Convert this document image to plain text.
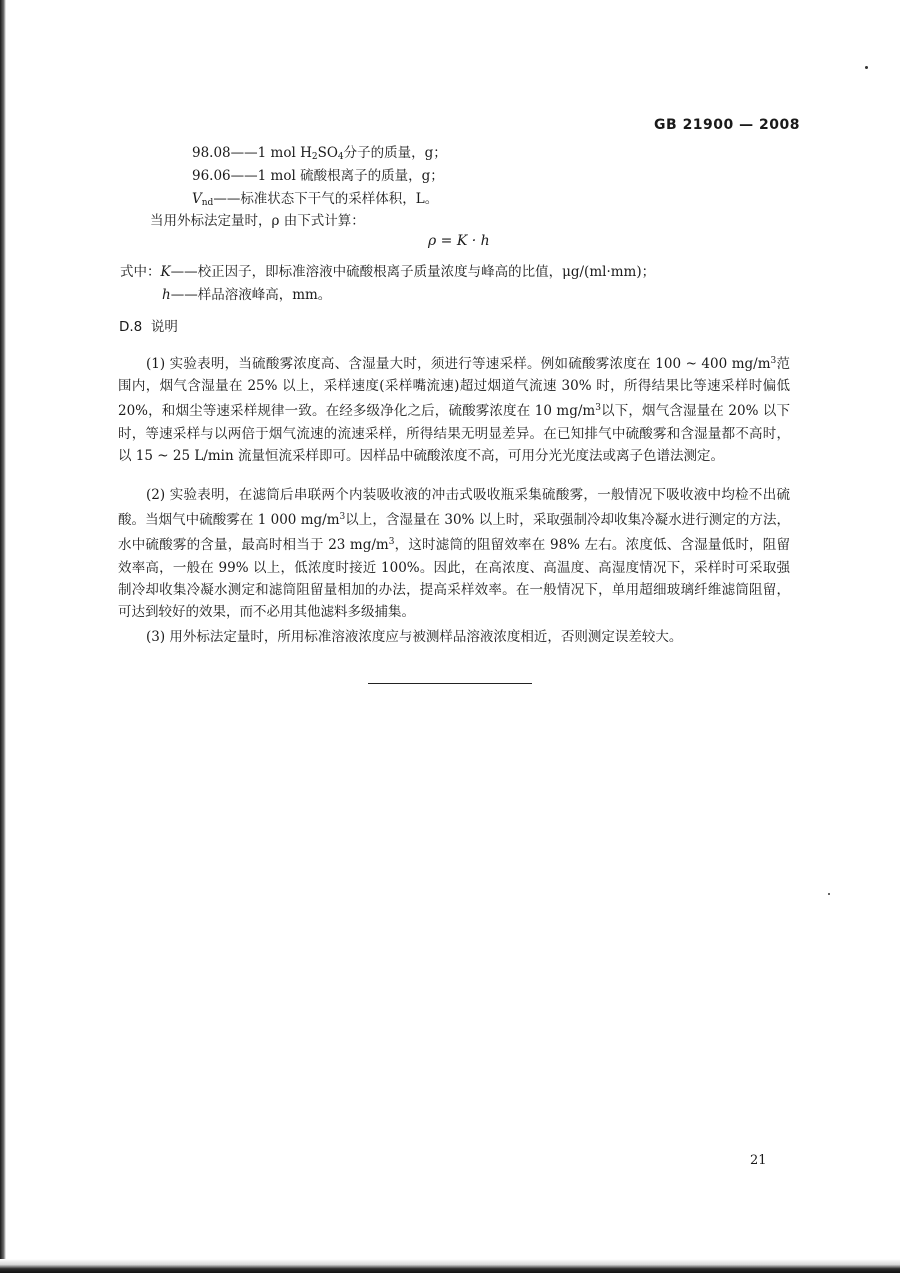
GB 21900 — 2008
98.08——1 mol $H_2SO_4$分子的质量，g；
96.06——1 mol 硫酸根离子的质量，g；
$V_{nd}——$标准状态下干气的采样体积，L。
当用外标法定量时，ρ 由下式计算：
ρ = K · h
式中：K——校正因子，即标准溶液中硫酸根离子质量浓度与峰高的比值，μg/(ml·mm)；
h——样品溶液峰高，mm。
D.8 说明
(1) 实验表明，当硫酸雾浓度高、含湿量大时，须进行等速采样。例如硫酸雾浓度在 100 ~ 400 $mg/m^3$范围内，烟气含湿量在 25% 以上，采样速度(采样嘴流速)超过烟道气流速 30% 时，所得结果比等速采样时偏低 20%，和烟尘等速采样规律一致。在经多级净化之后，硫酸雾浓度在 10 $mg/m^3$以下，烟气含湿量在 20% 以下时，等速采样与以两倍于烟气流速的流速采样，所得结果无明显差异。在已知排气中硫酸雾和含湿量都不高时，以 15 ~ 25 L/min 流量恒流采样即可。因样品中硫酸浓度不高，可用分光光度法或离子色谱法测定。
(2) 实验表明，在滤筒后串联两个内装吸收液的冲击式吸收瓶采集硫酸雾，一般情况下吸收液中均检不出硫酸。当烟气中硫酸雾在 1 000 $mg/m^3$以上，含湿量在 30% 以上时，采取强制冷却收集冷凝水进行测定的方法，水中硫酸雾的含量，最高时相当于 23 $mg/m^3$，这时滤筒的阻留效率在 98% 左右。浓度低、含湿量低时，阻留效率高，一般在 99% 以上，低浓度时接近 100%。因此，在高浓度、高温度、高湿度情况下，采样时可采取强制冷却收集冷凝水测定和滤筒阻留量相加的办法，提高采样效率。在一般情况下，单用超细玻璃纤维滤筒阻留，可达到较好的效果，而不必用其他滤料多级捕集。
(3) 用外标法定量时，所用标准溶液浓度应与被测样品溶液浓度相近，否则测定误差较大。
21
